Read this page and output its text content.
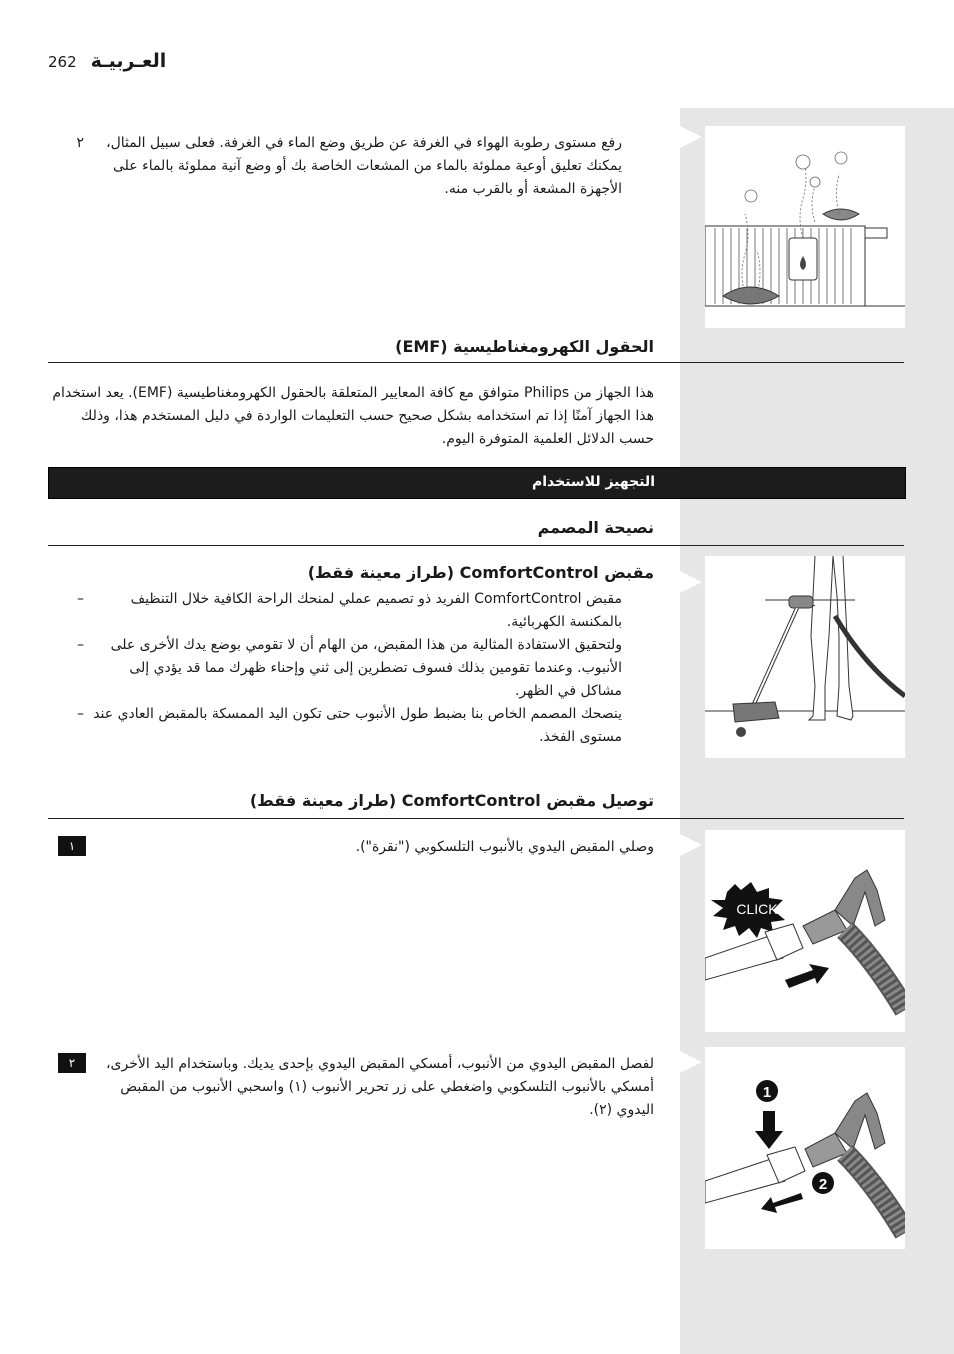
262 العـربيـة
٢	رفع مستوى رطوبة الهواء في الغرفة عن طريق وضع الماء في الغرفة. فعلى سبيل المثال، يمكنك تعليق أوعية مملوئة بالماء من المشعات الخاصة بك أو وضع آنية مملوئة بالماء على الأجهزة المشعة أو بالقرب منه.

الحقول الكهرومغناطيسية (EMF)
هذا الجهاز من Philips متوافق مع كافة المعايير المتعلقة بالحقول الكهرومغناطيسية (EMF). يعد استخدام هذا الجهاز آمنًا إذا تم استخدامه بشكل صحيح حسب التعليمات الواردة في دليل المستخدم هذا، وذلك حسب الدلائل العلمية المتوفرة اليوم.
التجهيز للاستخدام
نصيحة المصمم
مقبض ComfortControl (طراز معينة فقط)
–	مقبض ComfortControl الفريد ذو تصميم عملي لمنحك الراحة الكافية خلال التنظيف بالمكنسة الكهربائية.

–	ولتحقيق الاستفادة المثالية من هذا المقبض، من الهام أن لا تقومي بوضع يدك الأخرى على الأنبوب. وعندما تقومين بذلك فسوف تضطرين إلى ثني وإحناء ظهرك مما قد يؤدي إلى مشاكل في الظهر.

– ينصحك المصمم الخاص بنا بضبط طول الأنبوب حتى تكون اليد الممسكة بالمقبض العادي عند مستوى الفخذ.

توصيل مقبض ComfortControl (طراز معينة فقط)
١	وصلي المقبض اليدوي بالأنبوب التلسكوبي ("نقرة").

CLICK
٢	لفصل المقبض اليدوي من الأنبوب، أمسكي المقبض اليدوي بإحدى يديك. وباستخدام اليد الأخرى، أمسكي بالأنبوب التلسكوبي واضغطي على زر تحرير الأنبوب (١) واسحبي الأنبوب من المقبض اليدوي (٢).

1
2
